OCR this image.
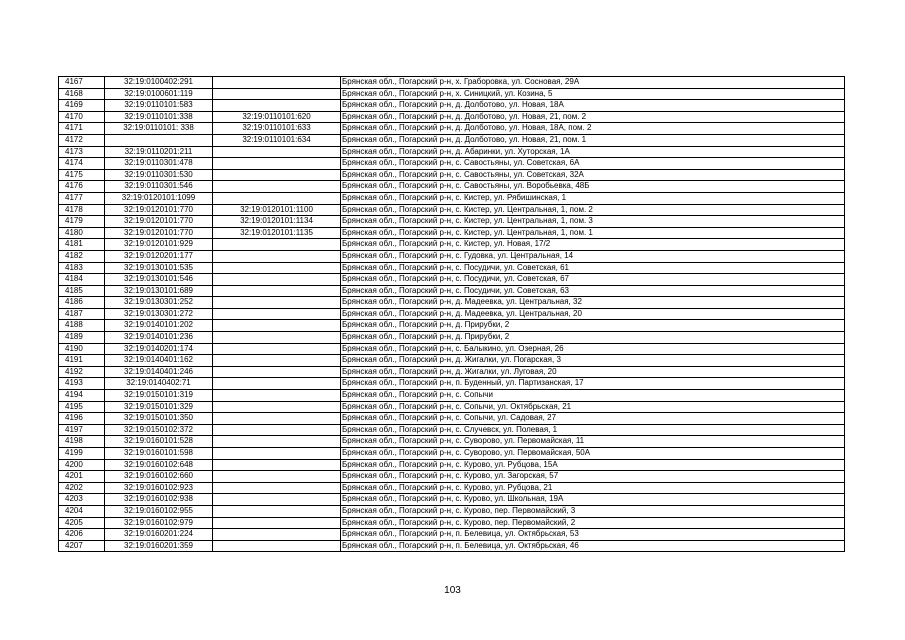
4167	32:19:0100402:291		Брянская обл., Погарский р-н, х. Граборовка, ул. Сосновая, 29А
4168	32:19:0100601:119		Брянская обл., Погарский р-н, х. Синицкий, ул. Козина, 5
4169	32:19:0110101:583		Брянская обл., Погарский р-н, д. Долботово, ул. Новая, 18А
4170	32:19:0110101:338	32:19:0110101:620	Брянская обл., Погарский р-н, д. Долботово, ул. Новая, 21, пом. 2
4171	32:19:0110101: 338	32:19:0110101:633	Брянская обл., Погарский р-н, д. Долботово, ул. Новая, 18А, пом. 2
4172		32:19:0110101:634	Брянская обл., Погарский р-н, д. Долботово, ул. Новая, 21, пом. 1
4173	32:19:0110201:211		Брянская обл., Погарский р-н, д. Абаринки, ул. Хуторская, 1А
4174	32:19:0110301:478		Брянская обл., Погарский р-н, с. Савостьяны, ул. Советская, 6А
4175	32:19:0110301:530		Брянская обл., Погарский р-н, с. Савостьяны, ул. Советская, 32А
4176	32:19:0110301:546		Брянская обл., Погарский р-н, с. Савостьяны, ул. Воробьевка, 48Б
4177	32:19:0120101:1099		Брянская обл., Погарский р-н, с. Кистер, ул. Рябишинская, 1
4178	32:19:0120101:770	32:19:0120101:1100	Брянская обл., Погарский р-н, с. Кистер, ул. Центральная, 1, пом. 2
4179	32:19:0120101:770	32:19:0120101:1134	Брянская обл., Погарский р-н, с. Кистер, ул. Центральная, 1, пом. 3
4180	32:19:0120101:770	32:19:0120101:1135	Брянская обл., Погарский р-н, с. Кистер, ул. Центральная, 1, пом. 1
4181	32:19:0120101:929		Брянская обл., Погарский р-н, с. Кистер, ул. Новая, 17/2
4182	32:19:0120201:177		Брянская обл., Погарский р-н, с. Гудовка, ул. Центральная, 14
4183	32:19:0130101:535		Брянская обл., Погарский р-н, с. Посудичи, ул. Советская, 61
4184	32:19:0130101:546		Брянская обл., Погарский р-н, с. Посудичи, ул. Советская, 67
4185	32:19:0130101:689		Брянская обл., Погарский р-н, с. Посудичи, ул. Советская, 63
4186	32:19:0130301:252		Брянская обл., Погарский р-н, д. Мадеевка, ул. Центральная, 32
4187	32:19:0130301:272		Брянская обл., Погарский р-н, д. Мадеевка, ул. Центральная, 20
4188	32:19:0140101:202		Брянская обл., Погарский р-н, д. Прирубки, 2
4189	32:19:0140101:236		Брянская обл., Погарский р-н, д. Прирубки, 2
4190	32:19:0140201:174		Брянская обл., Погарский р-н, с. Балыкино, ул. Озерная, 26
4191	32:19:0140401:162		Брянская обл., Погарский р-н, д. Жигалки, ул. Погарская, 3
4192	32:19:0140401:246		Брянская обл., Погарский р-н, д. Жигалки, ул. Луговая, 20
4193	32:19:0140402:71		Брянская обл., Погарский р-н, п. Буденный, ул. Партизанская, 17
4194	32:19:0150101:319		Брянская обл., Погарский р-н, с. Сопычи
4195	32:19:0150101:329		Брянская обл., Погарский р-н, с. Сопычи, ул. Октябрьская, 21
4196	32:19:0150101:350		Брянская обл., Погарский р-н, с. Сопычи, ул. Садовая, 27
4197	32:19:0150102:372		Брянская обл., Погарский р-н, с. Случевск, ул. Полевая, 1
4198	32:19:0160101:528		Брянская обл., Погарский р-н, с. Суворово, ул. Первомайская, 11
4199	32:19:0160101:598		Брянская обл., Погарский р-н, с. Суворово, ул. Первомайская, 50А
4200	32:19:0160102:648		Брянская обл., Погарский р-н, с. Курово, ул. Рубцова, 15А
4201	32:19:0160102:660		Брянская обл., Погарский р-н, с. Курово, ул. Загорская, 57
4202	32:19:0160102:923		Брянская обл., Погарский р-н, с. Курово, ул. Рубцова, 21
4203	32:19:0160102:938		Брянская обл., Погарский р-н, с. Курово, ул. Школьная, 19А
4204	32:19:0160102:955		Брянская обл., Погарский р-н, с. Курово, пер. Первомайский, 3
4205	32:19:0160102:979		Брянская обл., Погарский р-н, с. Курово, пер. Первомайский, 2
4206	32:19:0160201:224		Брянская обл., Погарский р-н, п. Белевица, ул. Октябрьская, 53
4207	32:19:0160201:359		Брянская обл., Погарский р-н, п. Белевица, ул. Октябрьская, 46
103
